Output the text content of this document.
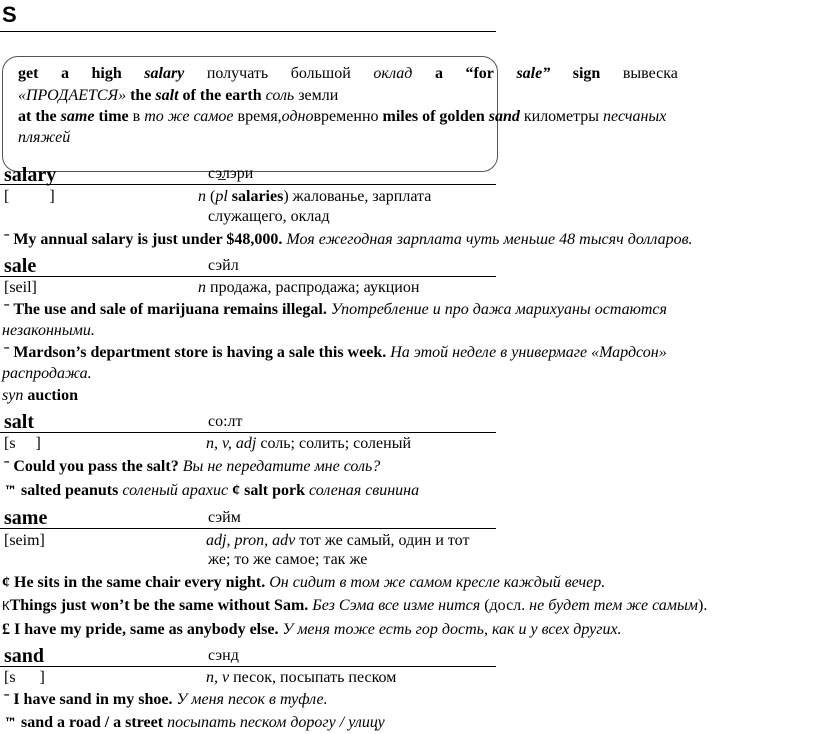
S
get a high salary получать большой оклад a “for sale” sign вывеска
«ПРОДАЕТСЯ» the salt of the earth соль земли
at the same time в то же самое время,одновременно miles of golden sand километры песчаных
пляжей
salary	сэ̲лэри
[          ]	n (pl salaries) жалованье, зарплата
служащего, оклад
ˉ My annual salary is just under $48,000. Моя ежегодная зарплата чуть меньше 48 тысяч долларов.
sale	сэйл
[seil]	n продажа, распродажа; аукцион
ˉ The use and sale of marijuana remains illegal. Употребление и про дажа марихуаны остаются
незаконными.
ˉ Mardson’s department store is having a sale this week. На этой неделе в универмаге «Мардсон»
распродажа.
syn auction
salt	со:лт
[s     ]	n, v, adj соль; солить; соленый
ˉ Could you pass the salt? Вы не передатите мне соль?
™ salted peanuts соленый арахис ¢ salt pork соленая свинина
same	сэйм
[seim]	adj, pron, adv тот же самый, один и тот
же; то же самое; так же
¢ He sits in the same chair every night. Он сидит в том же самом кресле каждый вечер.
КThings just won’t be the same without Sam. Без Сэма все изме нится (досл. не будет тем же самым).
£ I have my pride, same as anybody else. У меня тоже есть гор дость, как и у всех других.
sand	сэнд
[s      ]	n, v песок, посыпать песком
ˉ I have sand in my shoe. У меня песок в туфле.
™ sand a road / a street посыпать песком дорогу / улицу
